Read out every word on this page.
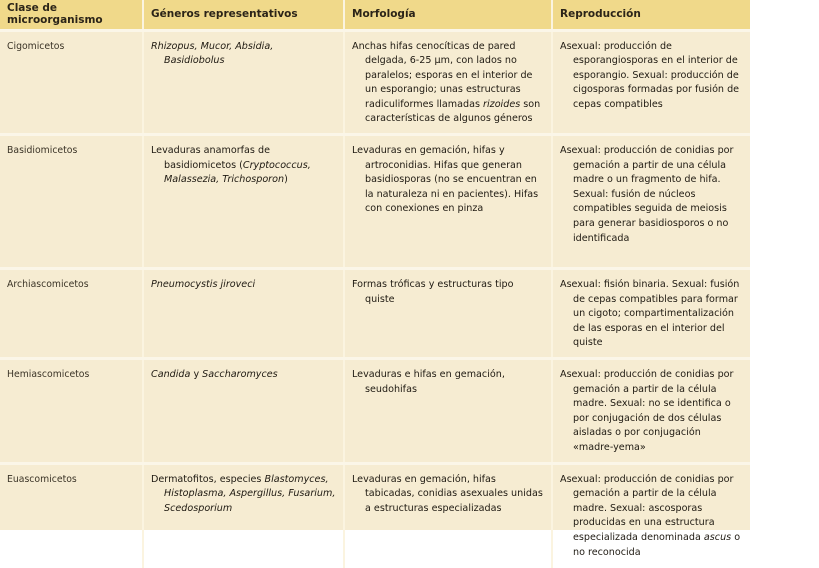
Clase de microorganismo	Géneros representativos	Morfología	Reproducción
Cigomicetos	Rhizopus, Mucor, Absidia, Basidiobolus	Anchas hifas cenocíticas de pared delgada, 6-25 µm, con lados no paralelos; esporas en el interior de un esporangio; unas estructuras radiculiformes llamadas rizoides son características de algunos géneros	Asexual: producción de esporangiosporas en el interior de esporangio. Sexual: producción de cigosporas formadas por fusión de cepas compatibles

Basidiomicetos	Levaduras anamorfas de basidiomicetos (Cryptococcus, Malassezia, Trichosporon)	Levaduras en gemación, hifas y artroconidias. Hifas que generan basidiosporas (no se encuentran en la naturaleza ni en pacientes). Hifas con conexiones en pinza	Asexual: producción de conidias por gemación a partir de una célula madre o un fragmento de hifa. Sexual: fusión de núcleos compatibles seguida de meiosis para generar basidiosporos o no identificada

Archiascomicetos	Pneumocystis jiroveci	Formas tróficas y estructuras tipo quiste	Asexual: fisión binaria. Sexual: fusión de cepas compatibles para formar un cigoto; compartimentalización de las esporas en el interior del quiste

Hemiascomicetos	Candida y Saccharomyces	Levaduras e hifas en gemación, seudohifas	Asexual: producción de conidias por gemación a partir de la célula madre. Sexual: no se identifica o por conjugación de dos células aisladas o por conjugación «madre-yema»

Euascomicetos	Dermatofitos, especies Blastomyces, Histoplasma, Aspergillus, Fusarium, Scedosporium	Levaduras en gemación, hifas tabicadas, conidias asexuales unidas a estructuras especializadas	Asexual: producción de conidias por gemación a partir de la célula madre. Sexual: ascosporas producidas en una estructura especializada denominada ascus o no reconocida
